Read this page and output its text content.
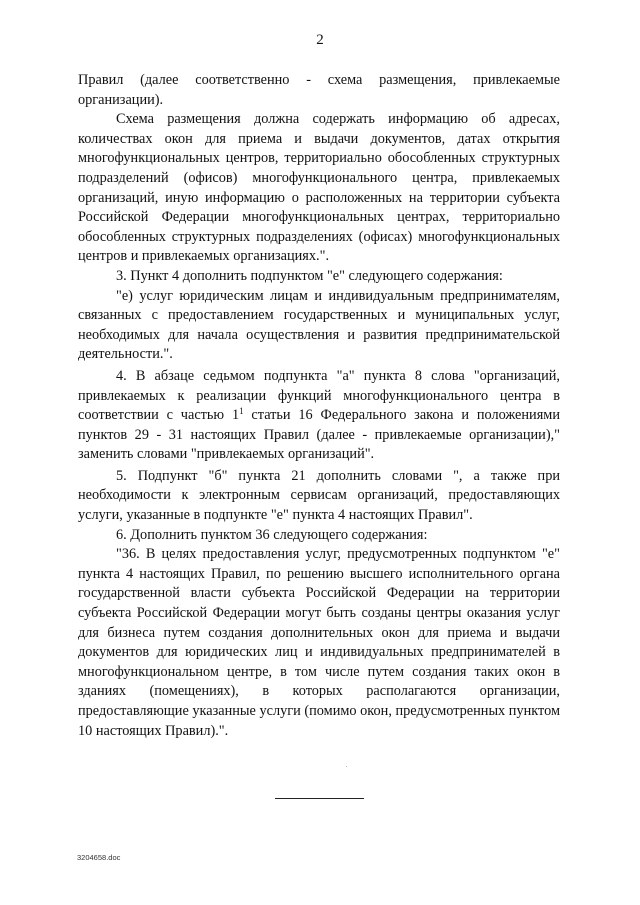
2

Правил (далее соответственно - схема размещения, привлекаемые организации).

Схема размещения должна содержать информацию об адресах, количествах окон для приема и выдачи документов, датах открытия многофункциональных центров, территориально обособленных структурных подразделений (офисов) многофункционального центра, привлекаемых организаций, иную информацию о расположенных на территории субъекта Российской Федерации многофункциональных центрах, территориально обособленных структурных подразделениях (офисах) многофункциональных центров и привлекаемых организациях.".

3. Пункт 4 дополнить подпунктом "е" следующего содержания:

"е) услуг юридическим лицам и индивидуальным предпринимателям, связанных с предоставлением государственных и муниципальных услуг, необходимых для начала осуществления и развития предпринимательской деятельности.".

4. В абзаце седьмом подпункта "а" пункта 8 слова "организаций, привлекаемых к реализации функций многофункционального центра в соответствии с частью $1^1$ статьи 16 Федерального закона и положениями пунктов 29 - 31 настоящих Правил (далее - привлекаемые организации)," заменить словами "привлекаемых организаций".

5. Подпункт "б" пункта 21 дополнить словами ", а также при необходимости к электронным сервисам организаций, предоставляющих услуги, указанные в подпункте "е" пункта 4 настоящих Правил".

6. Дополнить пунктом 36 следующего содержания:

"36. В целях предоставления услуг, предусмотренных подпунктом "е" пункта 4 настоящих Правил, по решению высшего исполнительного органа государственной власти субъекта Российской Федерации на территории субъекта Российской Федерации могут быть созданы центры оказания услуг для бизнеса путем создания дополнительных окон для приема и выдачи документов для юридических лиц и индивидуальных предпринимателей в многофункциональном центре, в том числе путем создания таких окон в зданиях (помещениях), в которых располагаются организации, предоставляющие указанные услуги (помимо окон, предусмотренных пунктом 10 настоящих Правил).".

3204658.doc
